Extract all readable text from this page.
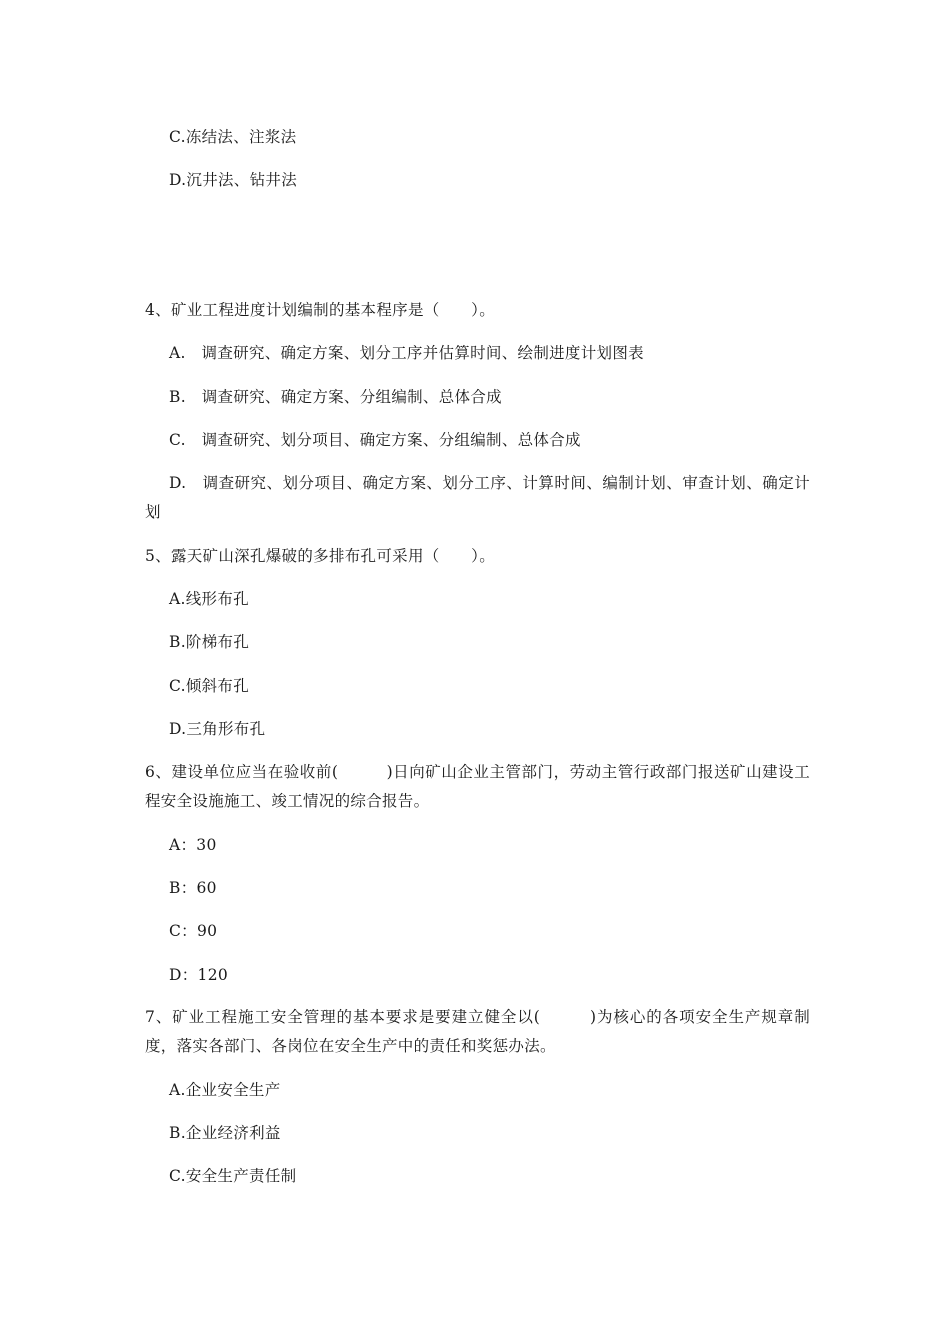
C.冻结法、注浆法
D.沉井法、钻井法
4、矿业工程进度计划编制的基本程序是（　　）。
A.　调查研究、确定方案、划分工序并估算时间、绘制进度计划图表
B.　调查研究、确定方案、分组编制、总体合成
C.　调查研究、划分项目、确定方案、分组编制、总体合成
D.　调查研究、划分项目、确定方案、划分工序、计算时间、编制计划、审查计划、确定计划
5、露天矿山深孔爆破的多排布孔可采用（　　）。
A.线形布孔
B.阶梯布孔
C.倾斜布孔
D.三角形布孔
6、建设单位应当在验收前(　　　)日向矿山企业主管部门，劳动主管行政部门报送矿山建设工程安全设施施工、竣工情况的综合报告。
A：30
B：60
C：90
D：120
7、矿业工程施工安全管理的基本要求是要建立健全以(　　　)为核心的各项安全生产规章制度，落实各部门、各岗位在安全生产中的责任和奖惩办法。
A.企业安全生产
B.企业经济利益
C.安全生产责任制
